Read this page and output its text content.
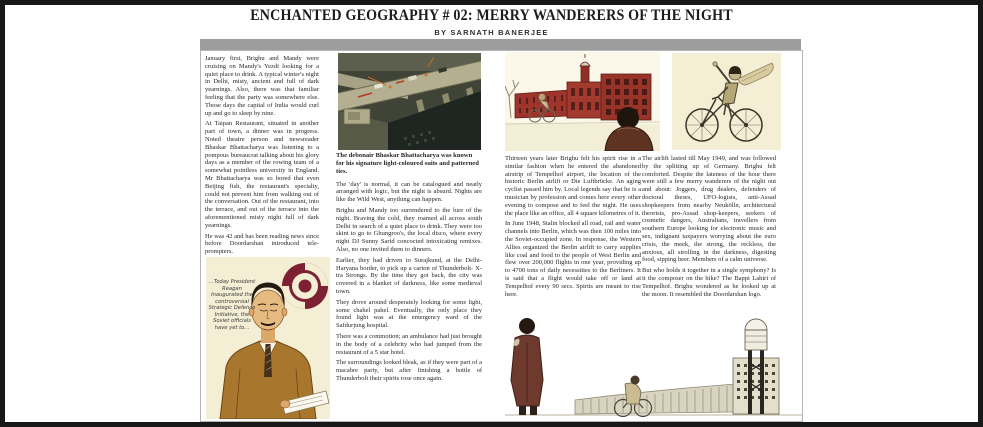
ENCHANTED GEOGRAPHY # 02: MERRY WANDERERS OF THE NIGHT
BY SARNATH BANERJEE

January first, Brighu and Mandy were cruising on Mandy's Yezdi looking for a quiet place to drink. A typical winter's night in Delhi, misty, ancient and full of dark yearnings. Also, there was that familiar feeling that the party was somewhere else. Those days the capital of India would curl up and go to sleep by nine.

At Taipan Restaurant, situated in another part of town, a dinner was in progress. Noted theatre person and newsreader Bhaskar Bhattacharya was listening to a pompous bureaucrat talking about his glory days as a member of the rowing team of a somewhat pointless university in England. Mr Bhattacharya was so bored that even Beijing fish, the restaurant's specialty, could not prevent him from walking out of the conversation. Out of the restaurant, into the terrace, and out of the terrace into the aforementioned misty night full of dark yearnings.

He was 42 and has been reading news since before Doordarshan introduced tele-prompters.

...Today President Reagan Inaugurated the controversial Strategic Defence Initiative, the Soviet officials have yet to...
The debonair Bhaskar Bhattacharya was known for his signature light-coloured suits and patterned ties.

The 'day' is normal, it can be catalogued and neatly arranged with logic, but the night is absurd. Nights are like the Wild West, anything can happen.

Brighu and Mandy too surrendered to the lure of the night. Braving the cold, they roamed all across south Delhi in search of a quiet place to drink. They were too skint to go to Ghungroo's, the local disco, where every night DJ Sunny Sarid concocted intoxicating remixes. Also, no one invited them to dinners.

Earlier, they had driven to Surajkund, at the Delhi-Haryana border, to pick up a carton of Thunderbolt- X-tra Strongs. By the time they got back, the city was covered in a blanket of darkness, like some medieval town.

They drove around desperately looking for some light, some chahel pahel. Eventually, the only place they found light was at the emergency ward of the Safdurjung hospital.

There was a commotion; an ambulance had just brought in the body of a celebrity who had jumped from the restaurant of a 5 star hotel.

The surroundings looked bleak, as if they were part of a macabre party, but after finishing a bottle of Thunderbolt their spirits rose once again.

Thirteen years later Brighu felt his spirit rise in a similar fashion when he entered the abandoned airstrip of Tempelhof airport, the location of the historic Berlin airlift or Die Luftbrücke. An aging cyclist passed him by. Local legends say that he is a musician by profession and comes here every other evening to compose and to feel the night. He uses the place like an office, all 4 square kilometres of it.

In June 1948, Stalin blocked all road, rail and water channels into Berlin, which was then 100 miles into the Soviet-occupied zone. In response, the Western Allies organized the Berlin airlift to carry supplies like coal and food to the people of West Berlin and flew over 200,000 flights in one year, providing up to 4700 tons of daily necessities to the Berliners. It is said that a flight would take off or land at Tempelhof every 90 secs. Spirits are meant to rise here.

The airlift lasted till May 1949, and was followed by the splitting up of Germany. Brighu felt comforted. Despite the lateness of the hour there were still a few merry wanderers of the night out and about: Joggers, drug dealers, defenders of doctoral theses, UFO-logists, anti-Assad shopkeepers from nearby Neukölln, architectural theorists, pro-Assad shop-keepers, seekers of cosmetic dangers, Australians, travellers from southern Europe looking for electronic music and sex, indignant taxpayers worrying about the euro crisis, the meek, the strong, the reckless, the anxious, all strolling in the darkness, digesting food, sipping beer. Members of a calm universe.

But who holds it together in a single symphony? Is it the composer on the bike? The Bappi Lahiri of Tempelhof. Brighu wondered as he looked up at the moon. It resembled the Doordarshan logo.
